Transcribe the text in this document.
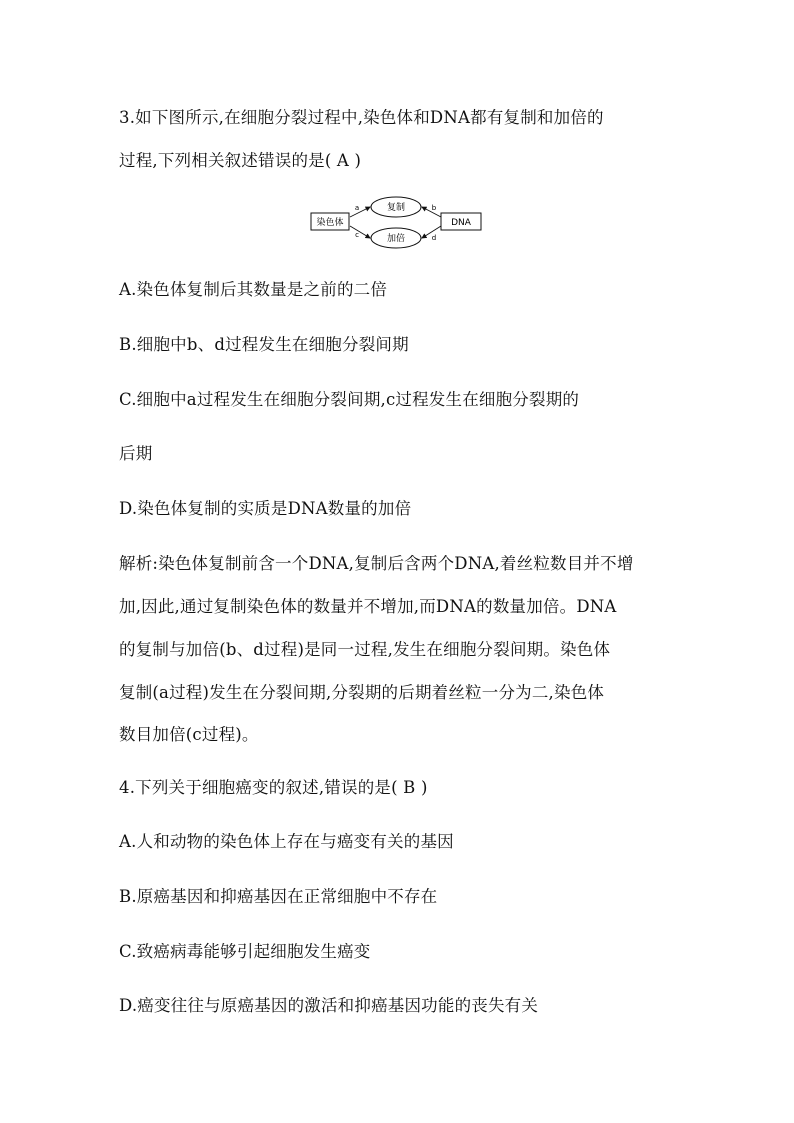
3.如下图所示,在细胞分裂过程中,染色体和DNA都有复制和加倍的
过程,下列相关叙述错误的是( A )
染色体	DNA
复制
加倍
a
c
b
d
A.染色体复制后其数量是之前的二倍
B.细胞中b、d过程发生在细胞分裂间期
C.细胞中a过程发生在细胞分裂间期,c过程发生在细胞分裂期的
后期
D.染色体复制的实质是DNA数量的加倍
解析:染色体复制前含一个DNA,复制后含两个DNA,着丝粒数目并不增
加,因此,通过复制染色体的数量并不增加,而DNA的数量加倍。DNA
的复制与加倍(b、d过程)是同一过程,发生在细胞分裂间期。染色体
复制(a过程)发生在分裂间期,分裂期的后期着丝粒一分为二,染色体
数目加倍(c过程)。
4.下列关于细胞癌变的叙述,错误的是( B )
A.人和动物的染色体上存在与癌变有关的基因
B.原癌基因和抑癌基因在正常细胞中不存在
C.致癌病毒能够引起细胞发生癌变
D.癌变往往与原癌基因的激活和抑癌基因功能的丧失有关
